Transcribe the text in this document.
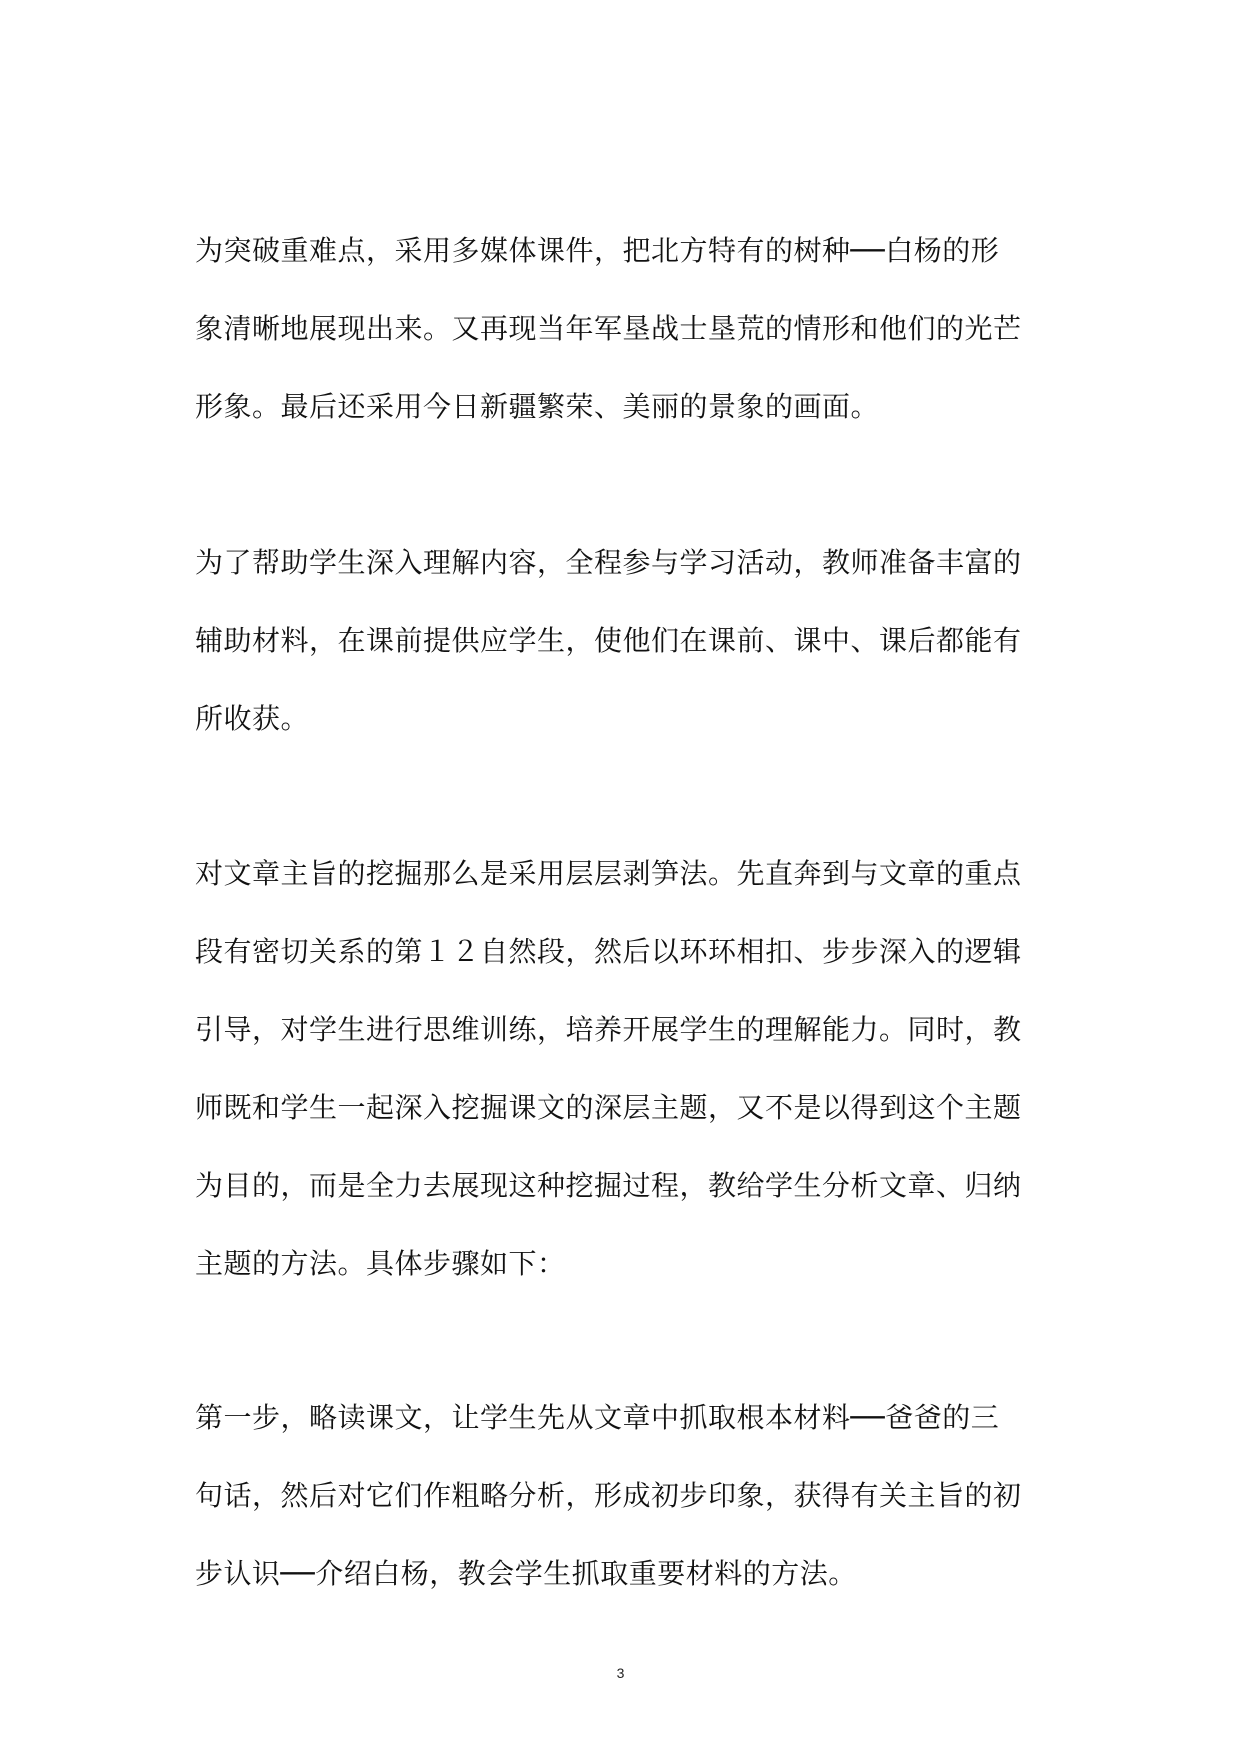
为突破重难点，采用多媒体课件，把北方特有的树种──白杨的形
象清晰地展现出来。又再现当年军垦战士垦荒的情形和他们的光芒
形象。最后还采用今日新疆繁荣、美丽的景象的画面。
为了帮助学生深入理解内容，全程参与学习活动，教师准备丰富的
辅助材料，在课前提供应学生，使他们在课前、课中、课后都能有
所收获。
对文章主旨的挖掘那么是采用层层剥笋法。先直奔到与文章的重点
段有密切关系的第１２自然段，然后以环环相扣、步步深入的逻辑
引导，对学生进行思维训练，培养开展学生的理解能力。同时，教
师既和学生一起深入挖掘课文的深层主题，又不是以得到这个主题
为目的，而是全力去展现这种挖掘过程，教给学生分析文章、归纳
主题的方法。具体步骤如下：
第一步，略读课文，让学生先从文章中抓取根本材料──爸爸的三
句话，然后对它们作粗略分析，形成初步印象，获得有关主旨的初
步认识──介绍白杨，教会学生抓取重要材料的方法。
3
